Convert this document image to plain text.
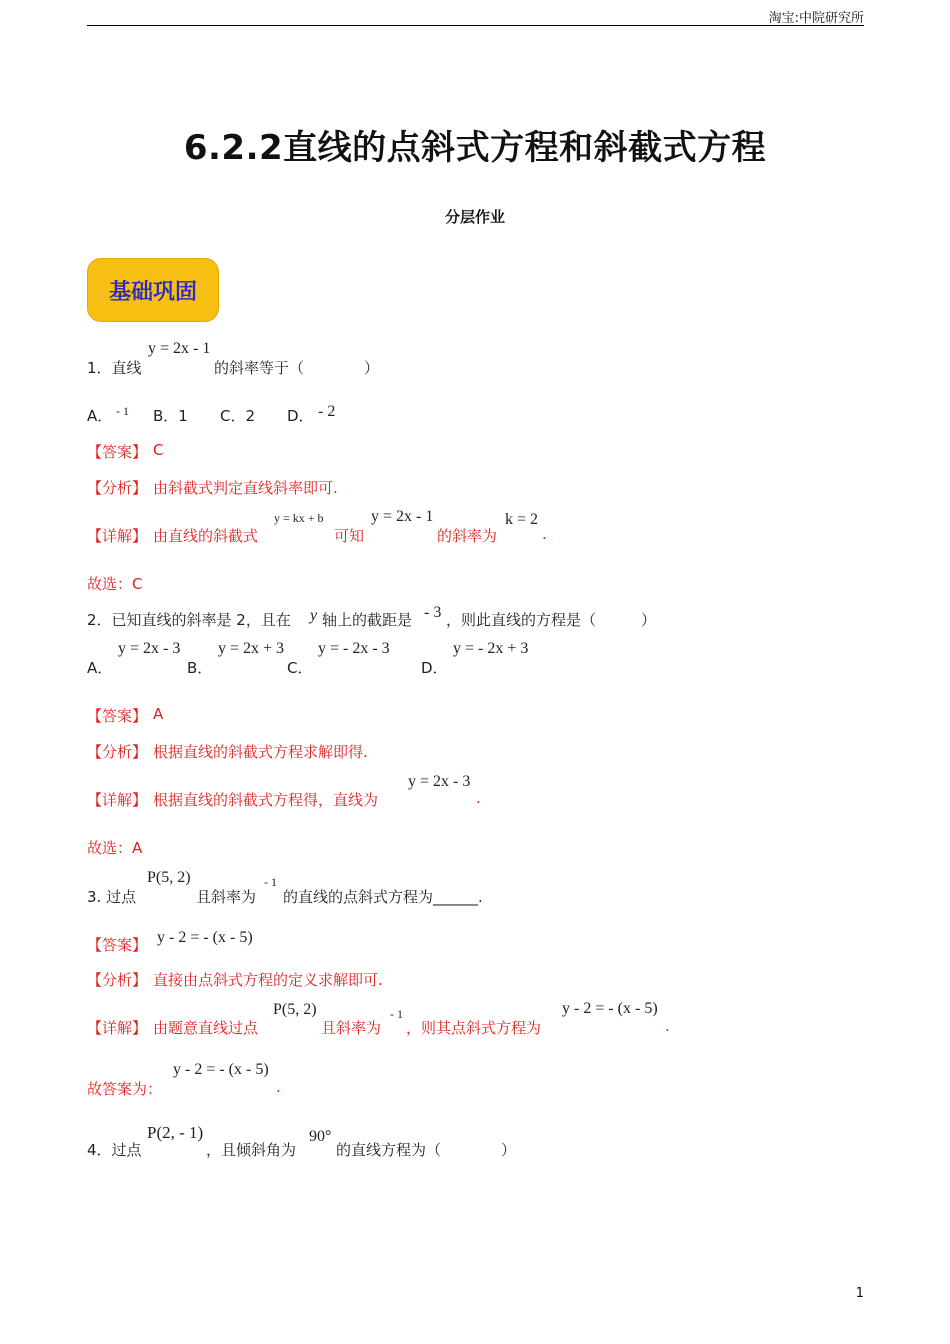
淘宝:中院研究所
6.2.2直线的点斜式方程和斜截式方程
分层作业
基础巩固
1．直线
y = 2x - 1
的斜率等于（　　　　）
A． - 1 B．1 C．2 D． - 2
【答案】 C
【分析】 由斜截式判定直线斜率即可.
【详解】 由直线的斜截式
y = kx + b
可知
y = 2x - 1
的斜率为
k = 2
.
故选：C
2．已知直线的斜率是 2，且在 y 轴上的截距是 - 3 ，则此直线的方程是（　　　）
A．
y = 2x - 3
B．
y = 2x + 3
C．
y = - 2x - 3
D．
y = - 2x + 3
【答案】 A
【分析】 根据直线的斜截式方程求解即得.
【详解】 根据直线的斜截式方程得，直线为
y = 2x - 3
.
故选：A
3. 过点
P(5, 2)
且斜率为
- 1
的直线的点斜式方程为______.
【答案】 y - 2 = - (x - 5)
【分析】 直接由点斜式方程的定义求解即可.
【详解】 由题意直线过点
P(5, 2)
且斜率为
- 1
，则其点斜式方程为
y - 2 = - (x - 5)
.
故答案为：
y - 2 = - (x - 5)
.
4．过点
P(2, - 1)
，且倾斜角为
90°
的直线方程为（　　　　）
1
